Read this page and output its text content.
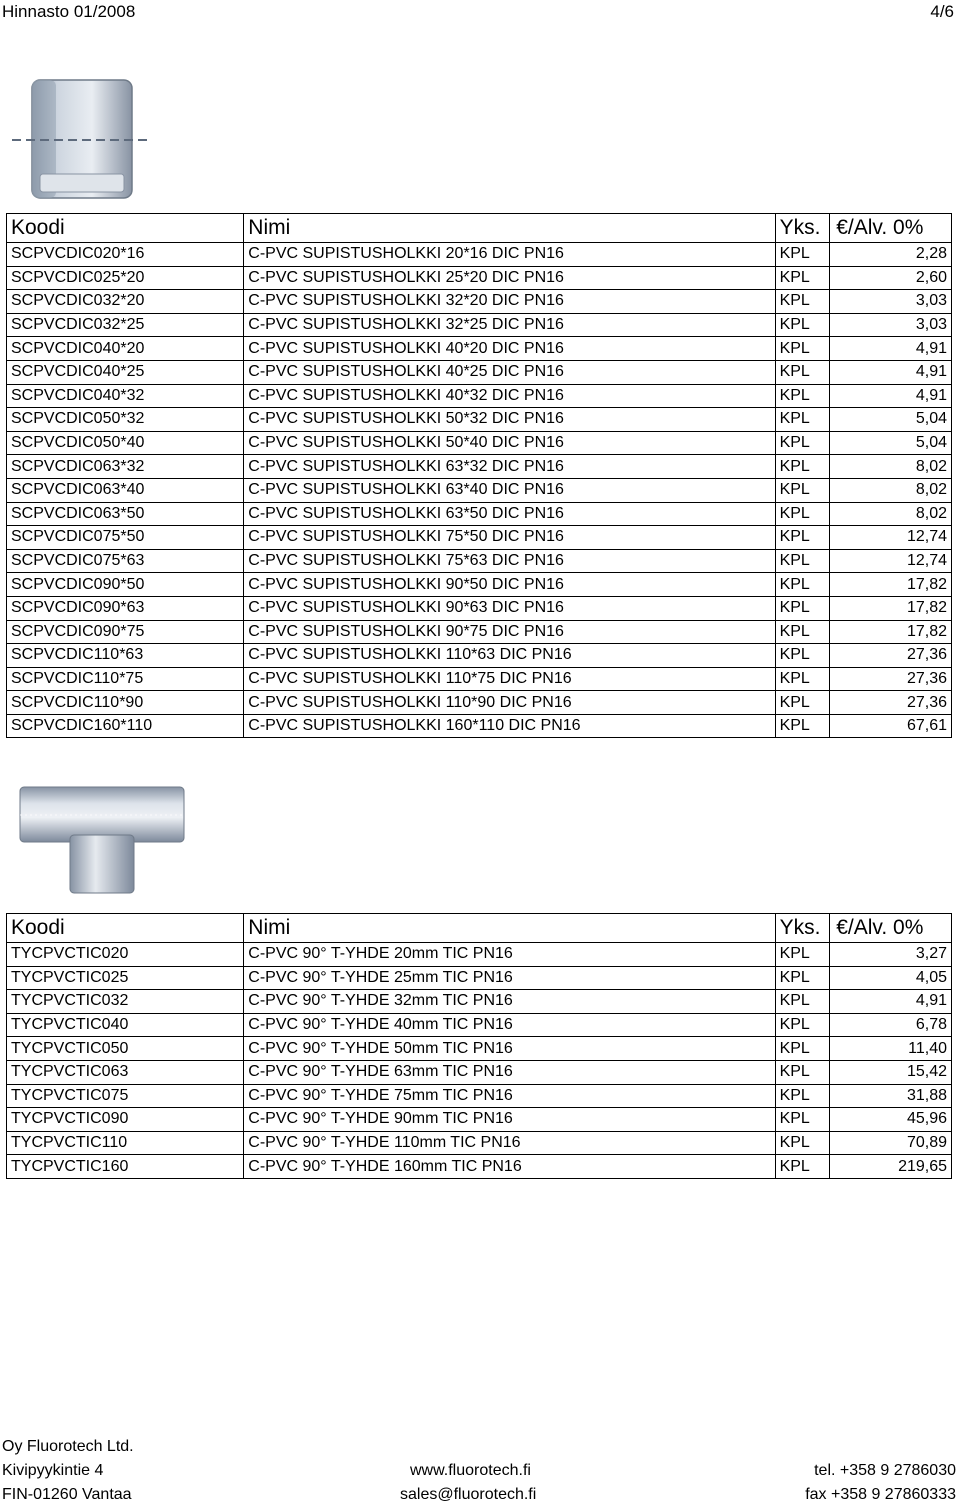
Hinnasto 01/2008	4/6
Koodi	Nimi	Yks.	€/Alv. 0%
SCPVCDIC020*16	C-PVC SUPISTUSHOLKKI 20*16 DIC PN16	KPL	2,28
SCPVCDIC025*20	C-PVC SUPISTUSHOLKKI 25*20 DIC PN16	KPL	2,60
SCPVCDIC032*20	C-PVC SUPISTUSHOLKKI 32*20 DIC PN16	KPL	3,03
SCPVCDIC032*25	C-PVC SUPISTUSHOLKKI 32*25 DIC PN16	KPL	3,03
SCPVCDIC040*20	C-PVC SUPISTUSHOLKKI 40*20 DIC PN16	KPL	4,91
SCPVCDIC040*25	C-PVC SUPISTUSHOLKKI 40*25 DIC PN16	KPL	4,91
SCPVCDIC040*32	C-PVC SUPISTUSHOLKKI 40*32 DIC PN16	KPL	4,91
SCPVCDIC050*32	C-PVC SUPISTUSHOLKKI 50*32 DIC PN16	KPL	5,04
SCPVCDIC050*40	C-PVC SUPISTUSHOLKKI 50*40 DIC PN16	KPL	5,04
SCPVCDIC063*32	C-PVC SUPISTUSHOLKKI 63*32 DIC PN16	KPL	8,02
SCPVCDIC063*40	C-PVC SUPISTUSHOLKKI 63*40 DIC PN16	KPL	8,02
SCPVCDIC063*50	C-PVC SUPISTUSHOLKKI 63*50 DIC PN16	KPL	8,02
SCPVCDIC075*50	C-PVC SUPISTUSHOLKKI 75*50 DIC PN16	KPL	12,74
SCPVCDIC075*63	C-PVC SUPISTUSHOLKKI 75*63 DIC PN16	KPL	12,74
SCPVCDIC090*50	C-PVC SUPISTUSHOLKKI 90*50 DIC PN16	KPL	17,82
SCPVCDIC090*63	C-PVC SUPISTUSHOLKKI 90*63 DIC PN16	KPL	17,82
SCPVCDIC090*75	C-PVC SUPISTUSHOLKKI 90*75 DIC PN16	KPL	17,82
SCPVCDIC110*63	C-PVC SUPISTUSHOLKKI 110*63 DIC PN16	KPL	27,36
SCPVCDIC110*75	C-PVC SUPISTUSHOLKKI 110*75 DIC PN16	KPL	27,36
SCPVCDIC110*90	C-PVC SUPISTUSHOLKKI 110*90 DIC PN16	KPL	27,36
SCPVCDIC160*110	C-PVC SUPISTUSHOLKKI 160*110 DIC PN16	KPL	67,61
Koodi	Nimi	Yks.	€/Alv. 0%
TYCPVCTIC020	C-PVC 90° T-YHDE 20mm TIC PN16	KPL	3,27
TYCPVCTIC025	C-PVC 90° T-YHDE 25mm TIC PN16	KPL	4,05
TYCPVCTIC032	C-PVC 90° T-YHDE 32mm TIC PN16	KPL	4,91
TYCPVCTIC040	C-PVC 90° T-YHDE 40mm TIC PN16	KPL	6,78
TYCPVCTIC050	C-PVC 90° T-YHDE 50mm TIC PN16	KPL	11,40
TYCPVCTIC063	C-PVC 90° T-YHDE 63mm TIC PN16	KPL	15,42
TYCPVCTIC075	C-PVC 90° T-YHDE 75mm TIC PN16	KPL	31,88
TYCPVCTIC090	C-PVC 90° T-YHDE 90mm TIC PN16	KPL	45,96
TYCPVCTIC110	C-PVC 90° T-YHDE 110mm TIC PN16	KPL	70,89
TYCPVCTIC160	C-PVC 90° T-YHDE 160mm TIC PN16	KPL	219,65
Oy Fluorotech Ltd.
Kivipyykintie 4
FIN-01260 Vantaa
www.fluorotech.fi
sales@fluorotech.fi
tel. +358 9 2786030
fax +358 9 27860333
